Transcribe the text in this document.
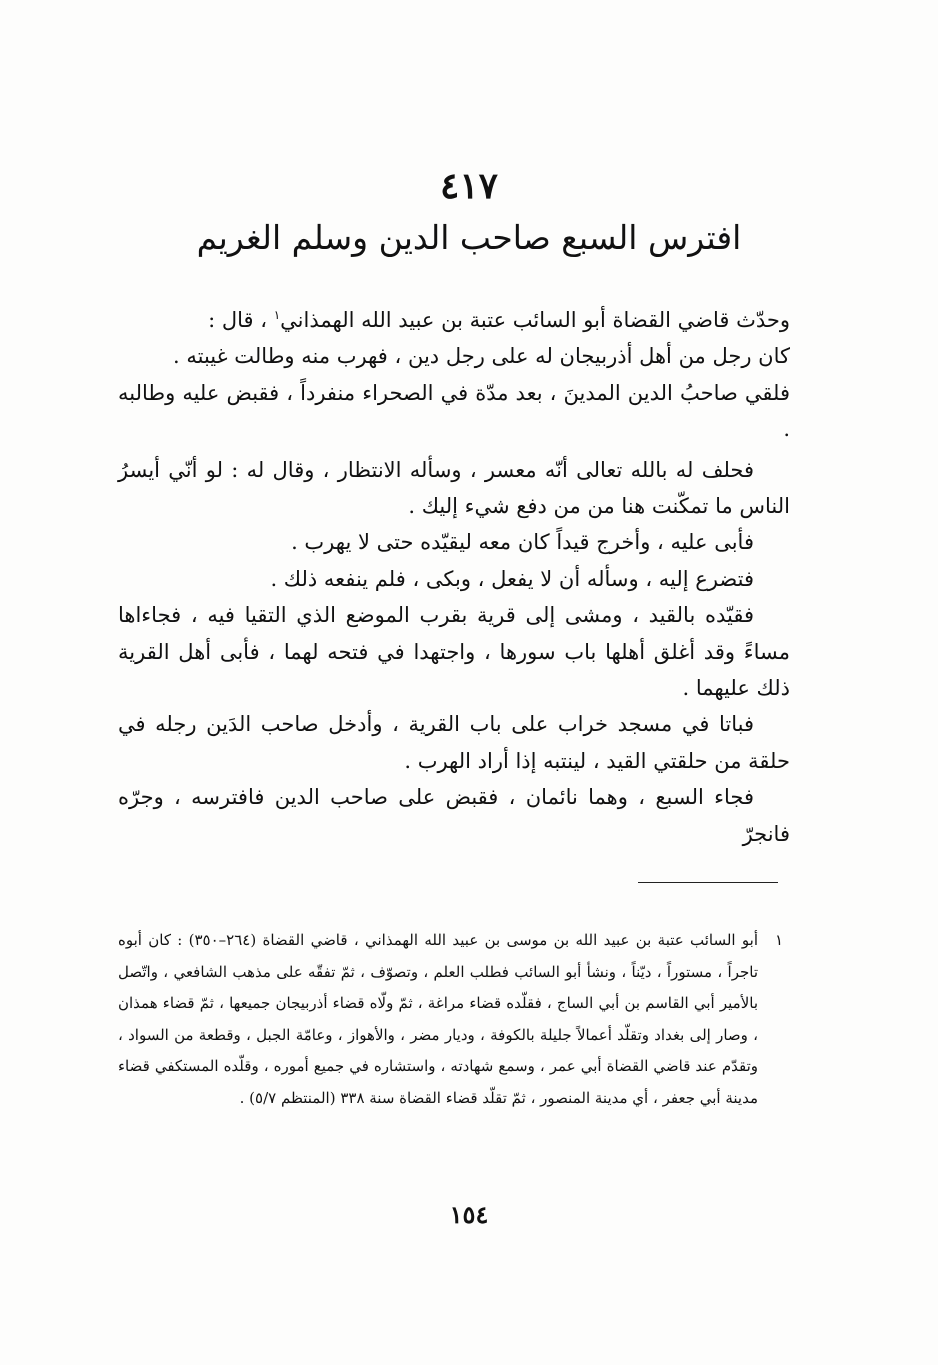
٤١٧
افترس السبع صاحب الدين وسلم الغريم

وحدّث قاضي القضاة أبو السائب عتبة بن عبيد الله الهمذاني$^١$ ، قال :

كان رجل من أهل أذربيجان له على رجل دين ، فهرب منه وطالت غيبته .

فلقي صاحبُ الدين المدينَ ، بعد مدّة في الصحراء منفرداً ، فقبض عليه وطالبه .

فحلف له بالله تعالى أنّه معسر ، وسأله الانتظار ، وقال له : لو أنّي أيسرُ الناس ما تمكّنت هنا من من دفع شيء إليك .

فأبى عليه ، وأخرج قيداً كان معه ليقيّده حتى لا يهرب .

فتضرع إليه ، وسأله أن لا يفعل ، وبكى ، فلم ينفعه ذلك .

فقيّده بالقيد ، ومشى إلى قرية بقرب الموضع الذي التقيا فيه ، فجاءاها مساءً وقد أغلق أهلها باب سورها ، واجتهدا في فتحه لهما ، فأبى أهل القرية ذلك عليهما .

فباتا في مسجد خراب على باب القرية ، وأدخل صاحب الدَين رجله في حلقة من حلقتي القيد ، لينتبه إذا أراد الهرب .

فجاء السبع ، وهما نائمان ، فقبض على صاحب الدين فافترسه ، وجرّه فانجرّ

١
أبو السائب عتبة بن عبيد الله بن موسى بن عبيد الله الهمذاني ، قاضي القضاة (٢٦٤–٣٥٠) : كان أبوه تاجراً ، مستوراً ، ديّناً ، ونشأ أبو السائب فطلب العلم ، وتصوّف ، ثمّ تفقّه على مذهب الشافعي ، واتّصل بالأمير أبي القاسم بن أبي الساج ، فقلّده قضاء مراغة ، ثمّ ولّاه قضاء أذربيجان جميعها ، ثمّ قضاء همذان ، وصار إلى بغداد وتقلّد أعمالاً جليلة بالكوفة ، وديار مضر ، والأهواز ، وعامّة الجبل ، وقطعة من السواد ، وتقدّم عند قاضي القضاة أبي عمر ، وسمع شهادته ، واستشاره في جميع أموره ، وقلّده المستكفي قضاء مدينة أبي جعفر ، أي مدينة المنصور ، ثمّ تقلّد قضاء القضاة سنة ٣٣٨ (المنتظم ٥/٧) .
١٥٤
